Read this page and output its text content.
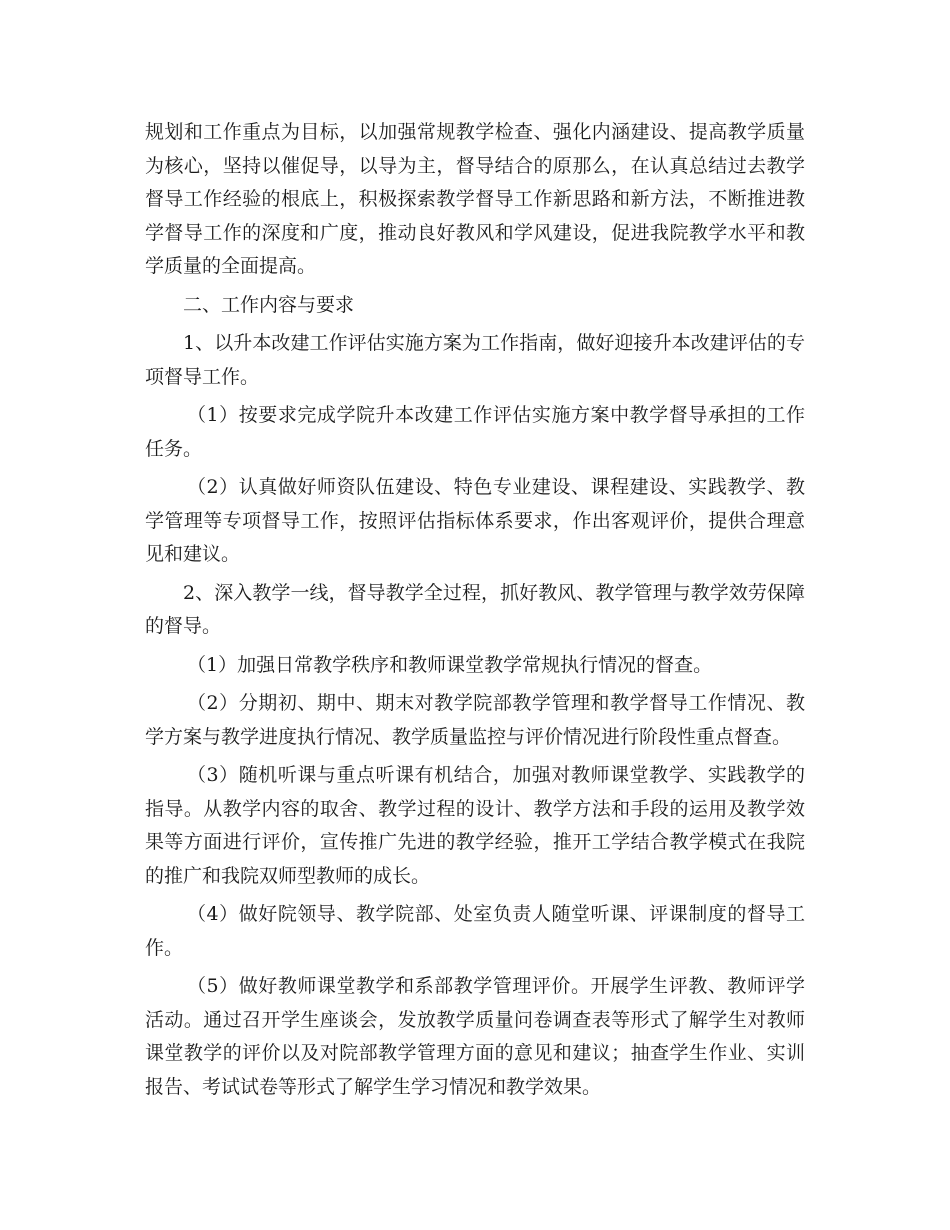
规划和工作重点为目标，以加强常规教学检查、强化内涵建设、提高教学质量为核心，坚持以催促导，以导为主，督导结合的原那么，在认真总结过去教学督导工作经验的根底上，积极探索教学督导工作新思路和新方法，不断推进教学督导工作的深度和广度，推动良好教风和学风建设，促进我院教学水平和教学质量的全面提高。

二、工作内容与要求

1、以升本改建工作评估实施方案为工作指南，做好迎接升本改建评估的专项督导工作。

（1）按要求完成学院升本改建工作评估实施方案中教学督导承担的工作任务。

（2）认真做好师资队伍建设、特色专业建设、课程建设、实践教学、教学管理等专项督导工作，按照评估指标体系要求，作出客观评价，提供合理意见和建议。

2、深入教学一线，督导教学全过程，抓好教风、教学管理与教学效劳保障的督导。

（1）加强日常教学秩序和教师课堂教学常规执行情况的督查。

（2）分期初、期中、期末对教学院部教学管理和教学督导工作情况、教学方案与教学进度执行情况、教学质量监控与评价情况进行阶段性重点督查。

（3）随机听课与重点听课有机结合，加强对教师课堂教学、实践教学的指导。从教学内容的取舍、教学过程的设计、教学方法和手段的运用及教学效果等方面进行评价，宣传推广先进的教学经验，推开工学结合教学模式在我院的推广和我院双师型教师的成长。

（4）做好院领导、教学院部、处室负责人随堂听课、评课制度的督导工作。

（5）做好教师课堂教学和系部教学管理评价。开展学生评教、教师评学活动。通过召开学生座谈会，发放教学质量问卷调查表等形式了解学生对教师课堂教学的评价以及对院部教学管理方面的意见和建议；抽查学生作业、实训报告、考试试卷等形式了解学生学习情况和教学效果。
